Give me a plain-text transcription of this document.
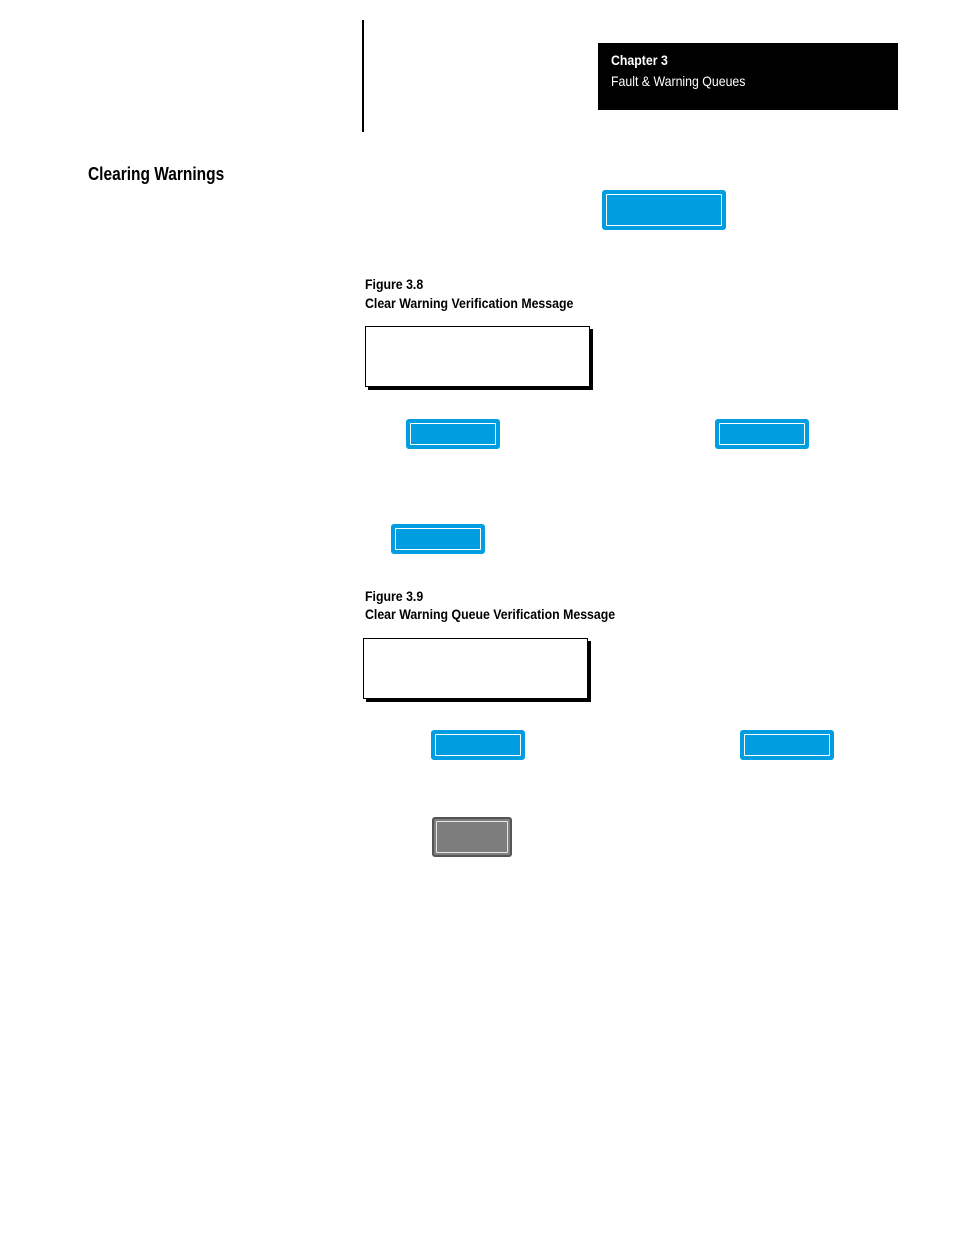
Chapter 3
Fault & Warning Queues
Clearing Warnings
Figure 3.8
Clear Warning Verification Message
Figure 3.9
Clear Warning Queue Verification Message
